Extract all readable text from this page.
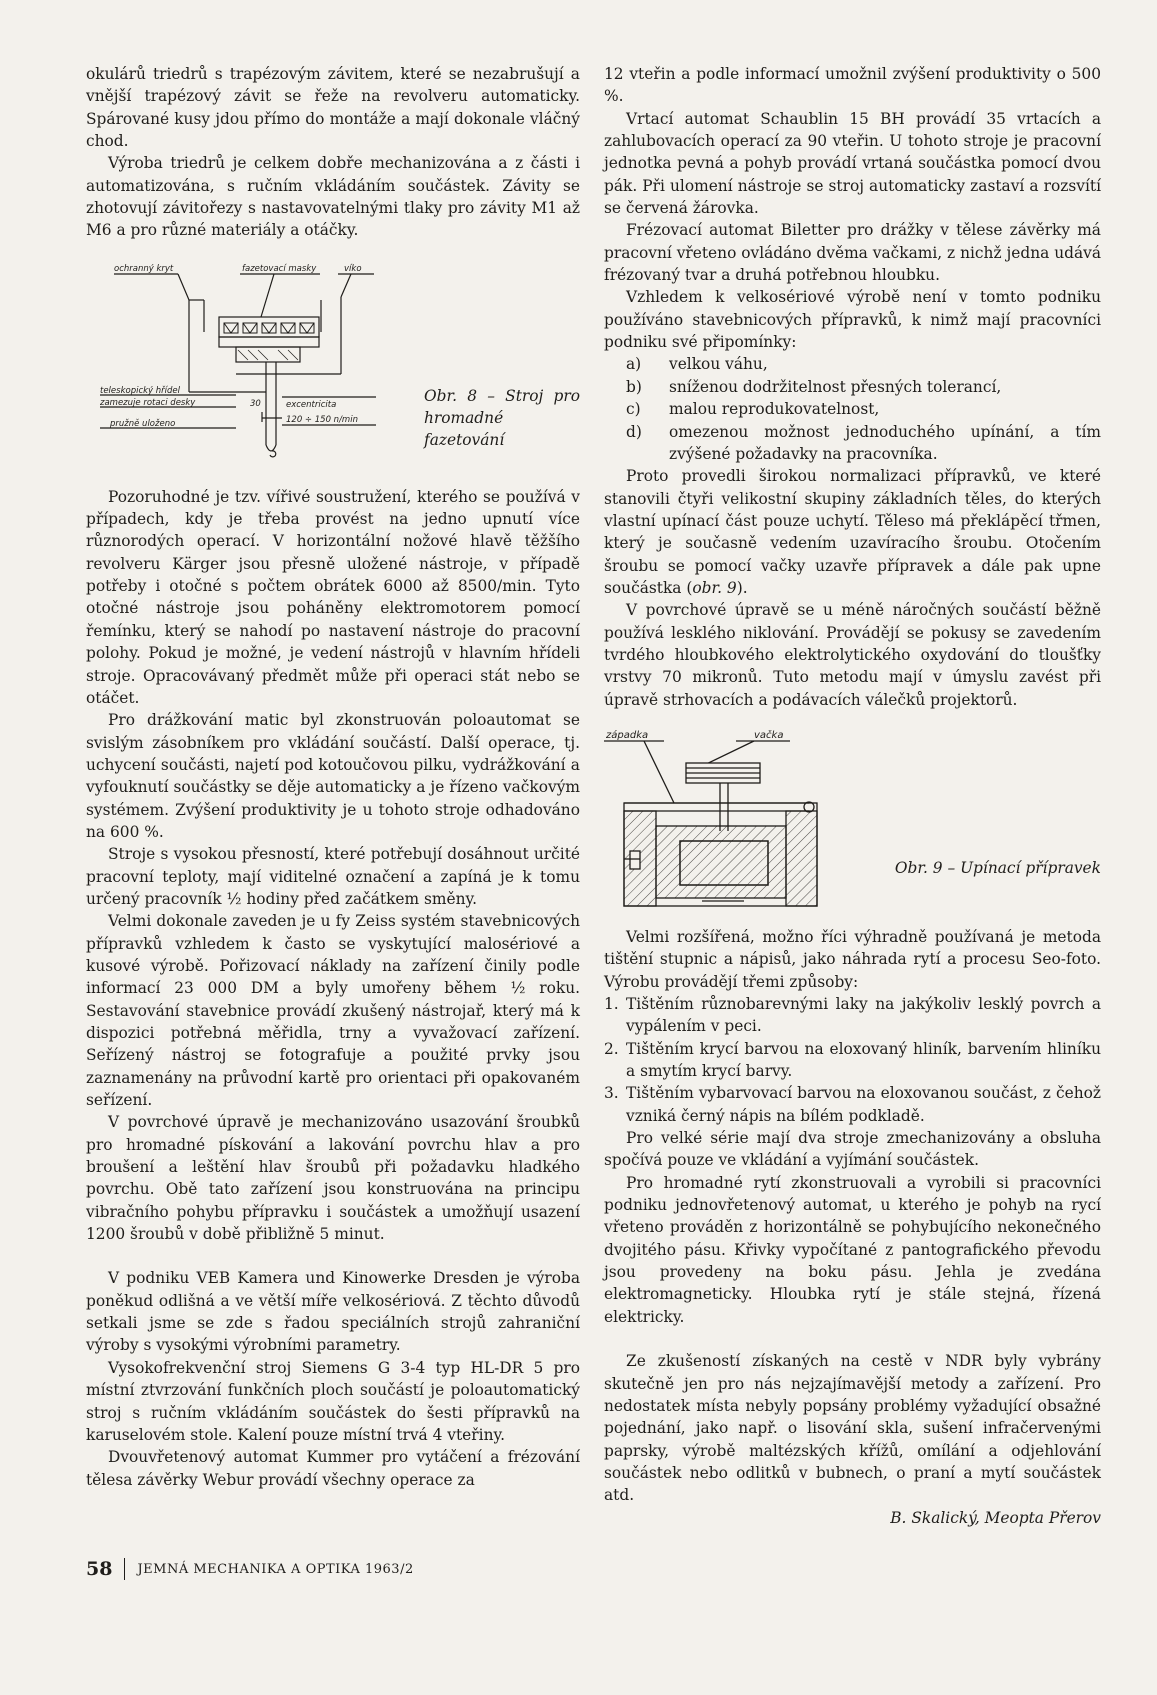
okulárů triedrů s trapézovým závitem, které se nezabrušují a vnější trapézový závit se řeže na revolveru automaticky. Spárované kusy jdou přímo do montáže a mají dokonale vláčný chod.

Výroba triedrů je celkem dobře mechanizována a z části i automatizována, s ručním vkládáním součástek. Závity se zhotovují závitořezy s nastavovatelnými tlaky pro závity M1 až M6 a pro různé materiály a otáčky.

ochranný kryt	fazetovací masky	víko
teleskopický hřídel
zamezuje rotaci desky
pružně uloženo
excentricita
30
120 ÷ 150 n/min
Obr. 8 – Stroj pro hromadné fazetování

Pozoruhodné je tzv. vířivé soustružení, kterého se používá v případech, kdy je třeba provést na jedno upnutí více různorodých operací. V horizontální nožové hlavě těžšího revolveru Kärger jsou přesně uložené nástroje, v případě potřeby i otočné s počtem obrátek 6000 až 8500/min. Tyto otočné nástroje jsou poháněny elektromotorem pomocí řemínku, který se nahodí po nastavení nástroje do pracovní polohy. Pokud je možné, je vedení nástrojů v hlavním hřídeli stroje. Opracovávaný předmět může při operaci stát nebo se otáčet.

Pro drážkování matic byl zkonstruován poloautomat se svislým zásobníkem pro vkládání součástí. Další operace, tj. uchycení součásti, najetí pod kotoučovou pilku, vydrážkování a vyfouknutí součástky se děje automaticky a je řízeno vačkovým systémem. Zvýšení produktivity je u tohoto stroje odhadováno na 600 %.

Stroje s vysokou přesností, které potřebují dosáhnout určité pracovní teploty, mají viditelné označení a zapíná je k tomu určený pracovník ½ hodiny před začátkem směny.

Velmi dokonale zaveden je u fy Zeiss systém stavebnicových přípravků vzhledem k často se vyskytující malosériové a kusové výrobě. Pořizovací náklady na zařízení činily podle informací 23 000 DM a byly umořeny během ½ roku. Sestavování stavebnice provádí zkušený nástrojař, který má k dispozici potřebná měřidla, trny a vyvažovací zařízení. Seřízený nástroj se fotografuje a použité prvky jsou zaznamenány na průvodní kartě pro orientaci při opakovaném seřízení.

V povrchové úpravě je mechanizováno usazování šroubků pro hromadné pískování a lakování povrchu hlav a pro broušení a leštění hlav šroubů při požadavku hladkého povrchu. Obě tato zařízení jsou konstruována na principu vibračního pohybu přípravku i součástek a umožňují usazení 1200 šroubů v době přibližně 5 minut.

V podniku VEB Kamera und Kinowerke Dresden je výroba poněkud odlišná a ve větší míře velkosériová. Z těchto důvodů setkali jsme se zde s řadou speciálních strojů zahraniční výroby s vysokými výrobními parametry.

Vysokofrekvenční stroj Siemens G 3-4 typ HL-DR 5 pro místní ztvrzování funkčních ploch součástí je poloautomatický stroj s ručním vkládáním součástek do šesti přípravků na karuselovém stole. Kalení pouze místní trvá 4 vteřiny.

Dvouvřetenový automat Kummer pro vytáčení a frézování tělesa závěrky Webur provádí všechny operace za

12 vteřin a podle informací umožnil zvýšení produktivity o 500 %.

Vrtací automat Schaublin 15 BH provádí 35 vrtacích a zahlubovacích operací za 90 vteřin. U tohoto stroje je pracovní jednotka pevná a pohyb provádí vrtaná součástka pomocí dvou pák. Při ulomení nástroje se stroj automaticky zastaví a rozsvítí se červená žárovka.

Frézovací automat Biletter pro drážky v tělese závěrky má pracovní vřeteno ovládáno dvěma vačkami, z nichž jedna udává frézovaný tvar a druhá potřebnou hloubku.

Vzhledem k velkosériové výrobě není v tomto podniku používáno stavebnicových přípravků, k nimž mají pracovníci podniku své připomínky:

a) velkou váhu,
b) sníženou dodržitelnost přesných tolerancí,
c) malou reprodukovatelnost,
d) omezenou možnost jednoduchého upínání, a tím zvýšené požadavky na pracovníka.

Proto provedli širokou normalizaci přípravků, ve které stanovili čtyři velikostní skupiny základních těles, do kterých vlastní upínací část pouze uchytí. Těleso má překlápěcí třmen, který je současně vedením uzavíracího šroubu. Otočením šroubu se pomocí vačky uzavře přípravek a dále pak upne součástka (obr. 9).

V povrchové úpravě se u méně náročných součástí běžně používá lesklého niklování. Provádějí se pokusy se zavedením tvrdého hloubkového elektrolytického oxydování do tloušťky vrstvy 70 mikronů. Tuto metodu mají v úmyslu zavést při úpravě strhovacích a podávacích válečků projektorů.

západka	vačka
Obr. 9 – Upínací přípravek

Velmi rozšířená, možno říci výhradně používaná je metoda tištění stupnic a nápisů, jako náhrada rytí a procesu Seo-foto. Výrobu provádějí třemi způsoby:

1. Tištěním různobarevnými laky na jakýkoliv lesklý povrch a vypálením v peci.
2. Tištěním krycí barvou na eloxovaný hliník, barvením hliníku a smytím krycí barvy.
3. Tištěním vybarvovací barvou na eloxovanou součást, z čehož vzniká černý nápis na bílém podkladě.

Pro velké série mají dva stroje zmechanizovány a obsluha spočívá pouze ve vkládání a vyjímání součástek.

Pro hromadné rytí zkonstruovali a vyrobili si pracovníci podniku jednovřetenový automat, u kterého je pohyb na rycí vřeteno prováděn z horizontálně se pohybujícího nekonečného dvojitého pásu. Křivky vypočítané z pantografického převodu jsou provedeny na boku pásu. Jehla je zvedána elektromagneticky. Hloubka rytí je stále stejná, řízená elektricky.

Ze zkušeností získaných na cestě v NDR byly vybrány skutečně jen pro nás nejzajímavější metody a zařízení. Pro nedostatek místa nebyly popsány problémy vyžadující obsažné pojednání, jako např. o lisování skla, sušení infračervenými paprsky, výrobě maltézských křížů, omílání a odjehlování součástek nebo odlitků v bubnech, o praní a mytí součástek atd.

B. Skalický, Meopta Přerov

58 JEMNÁ MECHANIKA A OPTIKA 1963/2
